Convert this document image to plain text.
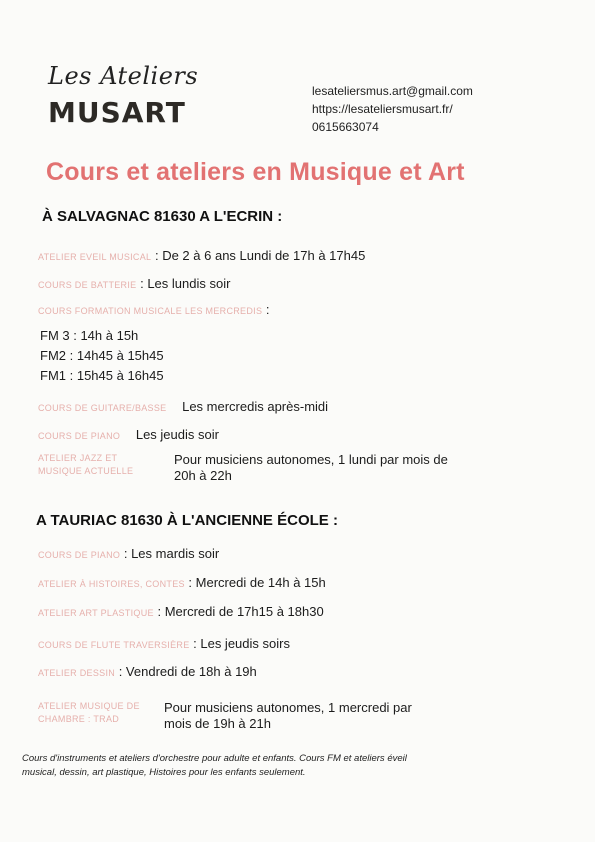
Les Ateliers
MUSART
lesateliersmus.art@gmail.com
https://lesateliersmusart.fr/
0615663074
Cours et ateliers en Musique et Art
À SALVAGNAC 81630 A L'ECRIN :
ATELIER EVEIL MUSICAL : De 2 à 6 ans Lundi de 17h à 17h45
COURS DE BATTERIE : Les lundis soir
COURS FORMATION MUSICALE LES MERCREDIS :
FM 3 : 14h à 15h
FM2 : 14h45 à 15h45
FM1 : 15h45 à 16h45
COURS DE GUITARE/BASSE Les mercredis après-midi
COURS DE PIANO Les jeudis soir
ATELIER JAZZ ET
MUSIQUE ACTUELLE
Pour musiciens autonomes, 1 lundi par mois de
20h à 22h
A TAURIAC 81630 À L'ANCIENNE ÉCOLE :
COURS DE PIANO : Les mardis soir
ATELIER À HISTOIRES, CONTES : Mercredi de 14h à 15h
ATELIER ART PLASTIQUE : Mercredi de 17h15 à 18h30
COURS DE FLUTE TRAVERSIÈRE : Les jeudis soirs
ATELIER DESSIN : Vendredi de 18h à 19h
ATELIER MUSIQUE DE
CHAMBRE : TRAD
Pour musiciens autonomes, 1 mercredi par
mois de 19h à 21h
Cours d'instruments et ateliers d'orchestre pour adulte et enfants. Cours FM et ateliers éveil
musical, dessin, art plastique, Histoires pour les enfants seulement.
